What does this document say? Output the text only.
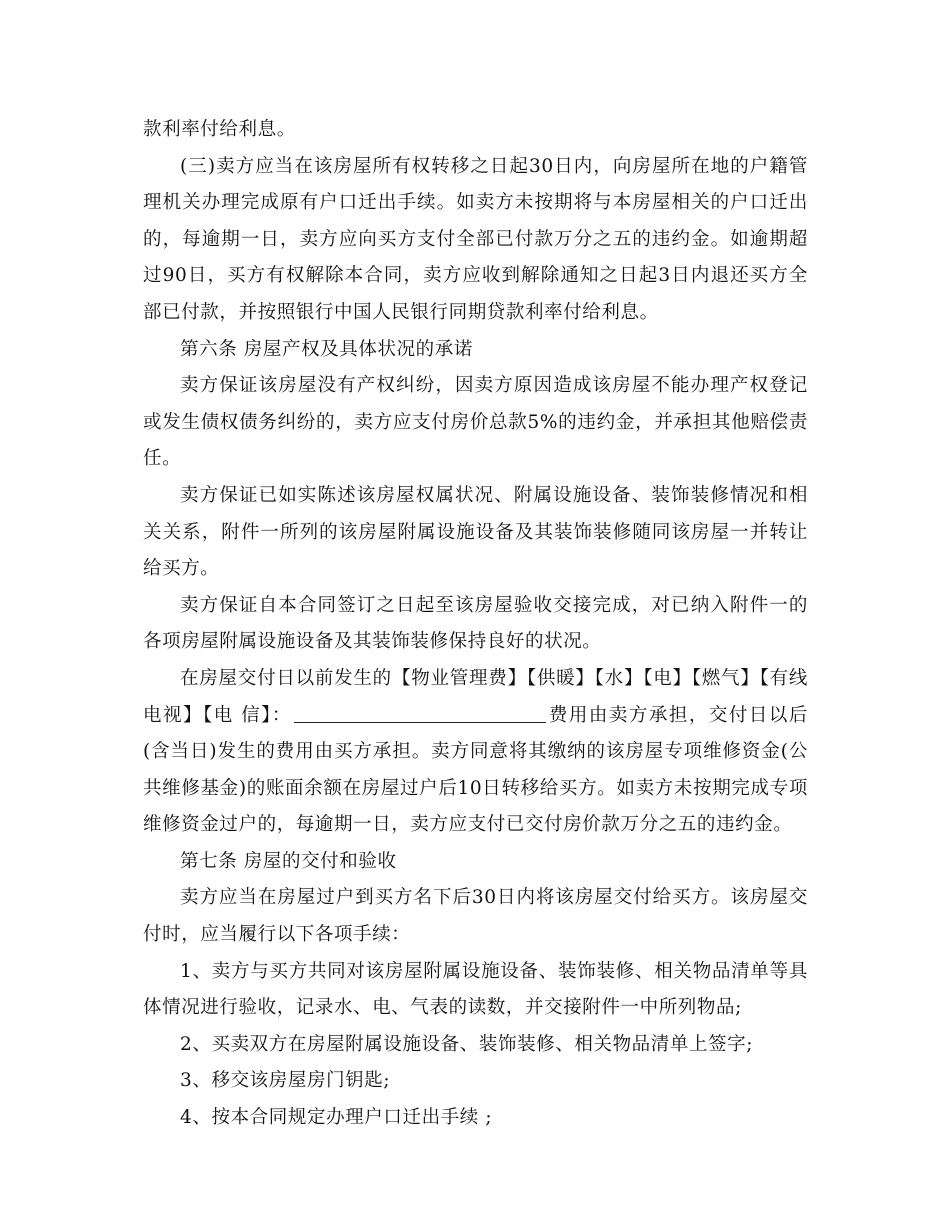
款利率付给利息。

(三)卖方应当在该房屋所有权转移之日起30日内，向房屋所在地的户籍管理机关办理完成原有户口迁出手续。如卖方未按期将与本房屋相关的户口迁出的，每逾期一日，卖方应向买方支付全部已付款万分之五的违约金。如逾期超过90日，买方有权解除本合同，卖方应收到解除通知之日起3日内退还买方全部已付款，并按照银行中国人民银行同期贷款利率付给利息。

第六条 房屋产权及具体状况的承诺

卖方保证该房屋没有产权纠纷，因卖方原因造成该房屋不能办理产权登记或发生债权债务纠纷的，卖方应支付房价总款5%的违约金，并承担其他赔偿责任。

卖方保证已如实陈述该房屋权属状况、附属设施设备、装饰装修情况和相关关系，附件一所列的该房屋附属设施设备及其装饰装修随同该房屋一并转让给买方。

卖方保证自本合同签订之日起至该房屋验收交接完成，对已纳入附件一的各项房屋附属设施设备及其装饰装修保持良好的状况。

在房屋交付日以前发生的【物业管理费】【供暖】【水】【电】【燃气】【有线电视】【电 信】：	费用由卖方承担，交付日以后(含当日)发生的费用由买方承担。卖方同意将其缴纳的该房屋专项维修资金(公共维修基金)的账面余额在房屋过户后10日转移给买方。如卖方未按期完成专项维修资金过户的，每逾期一日，卖方应支付已交付房价款万分之五的违约金。

第七条 房屋的交付和验收

卖方应当在房屋过户到买方名下后30日内将该房屋交付给买方。该房屋交付时，应当履行以下各项手续：

1、卖方与买方共同对该房屋附属设施设备、装饰装修、相关物品清单等具体情况进行验收，记录水、电、气表的读数，并交接附件一中所列物品;

2、买卖双方在房屋附属设施设备、装饰装修、相关物品清单上签字;

3、移交该房屋房门钥匙;

4、按本合同规定办理户口迁出手续 ;
